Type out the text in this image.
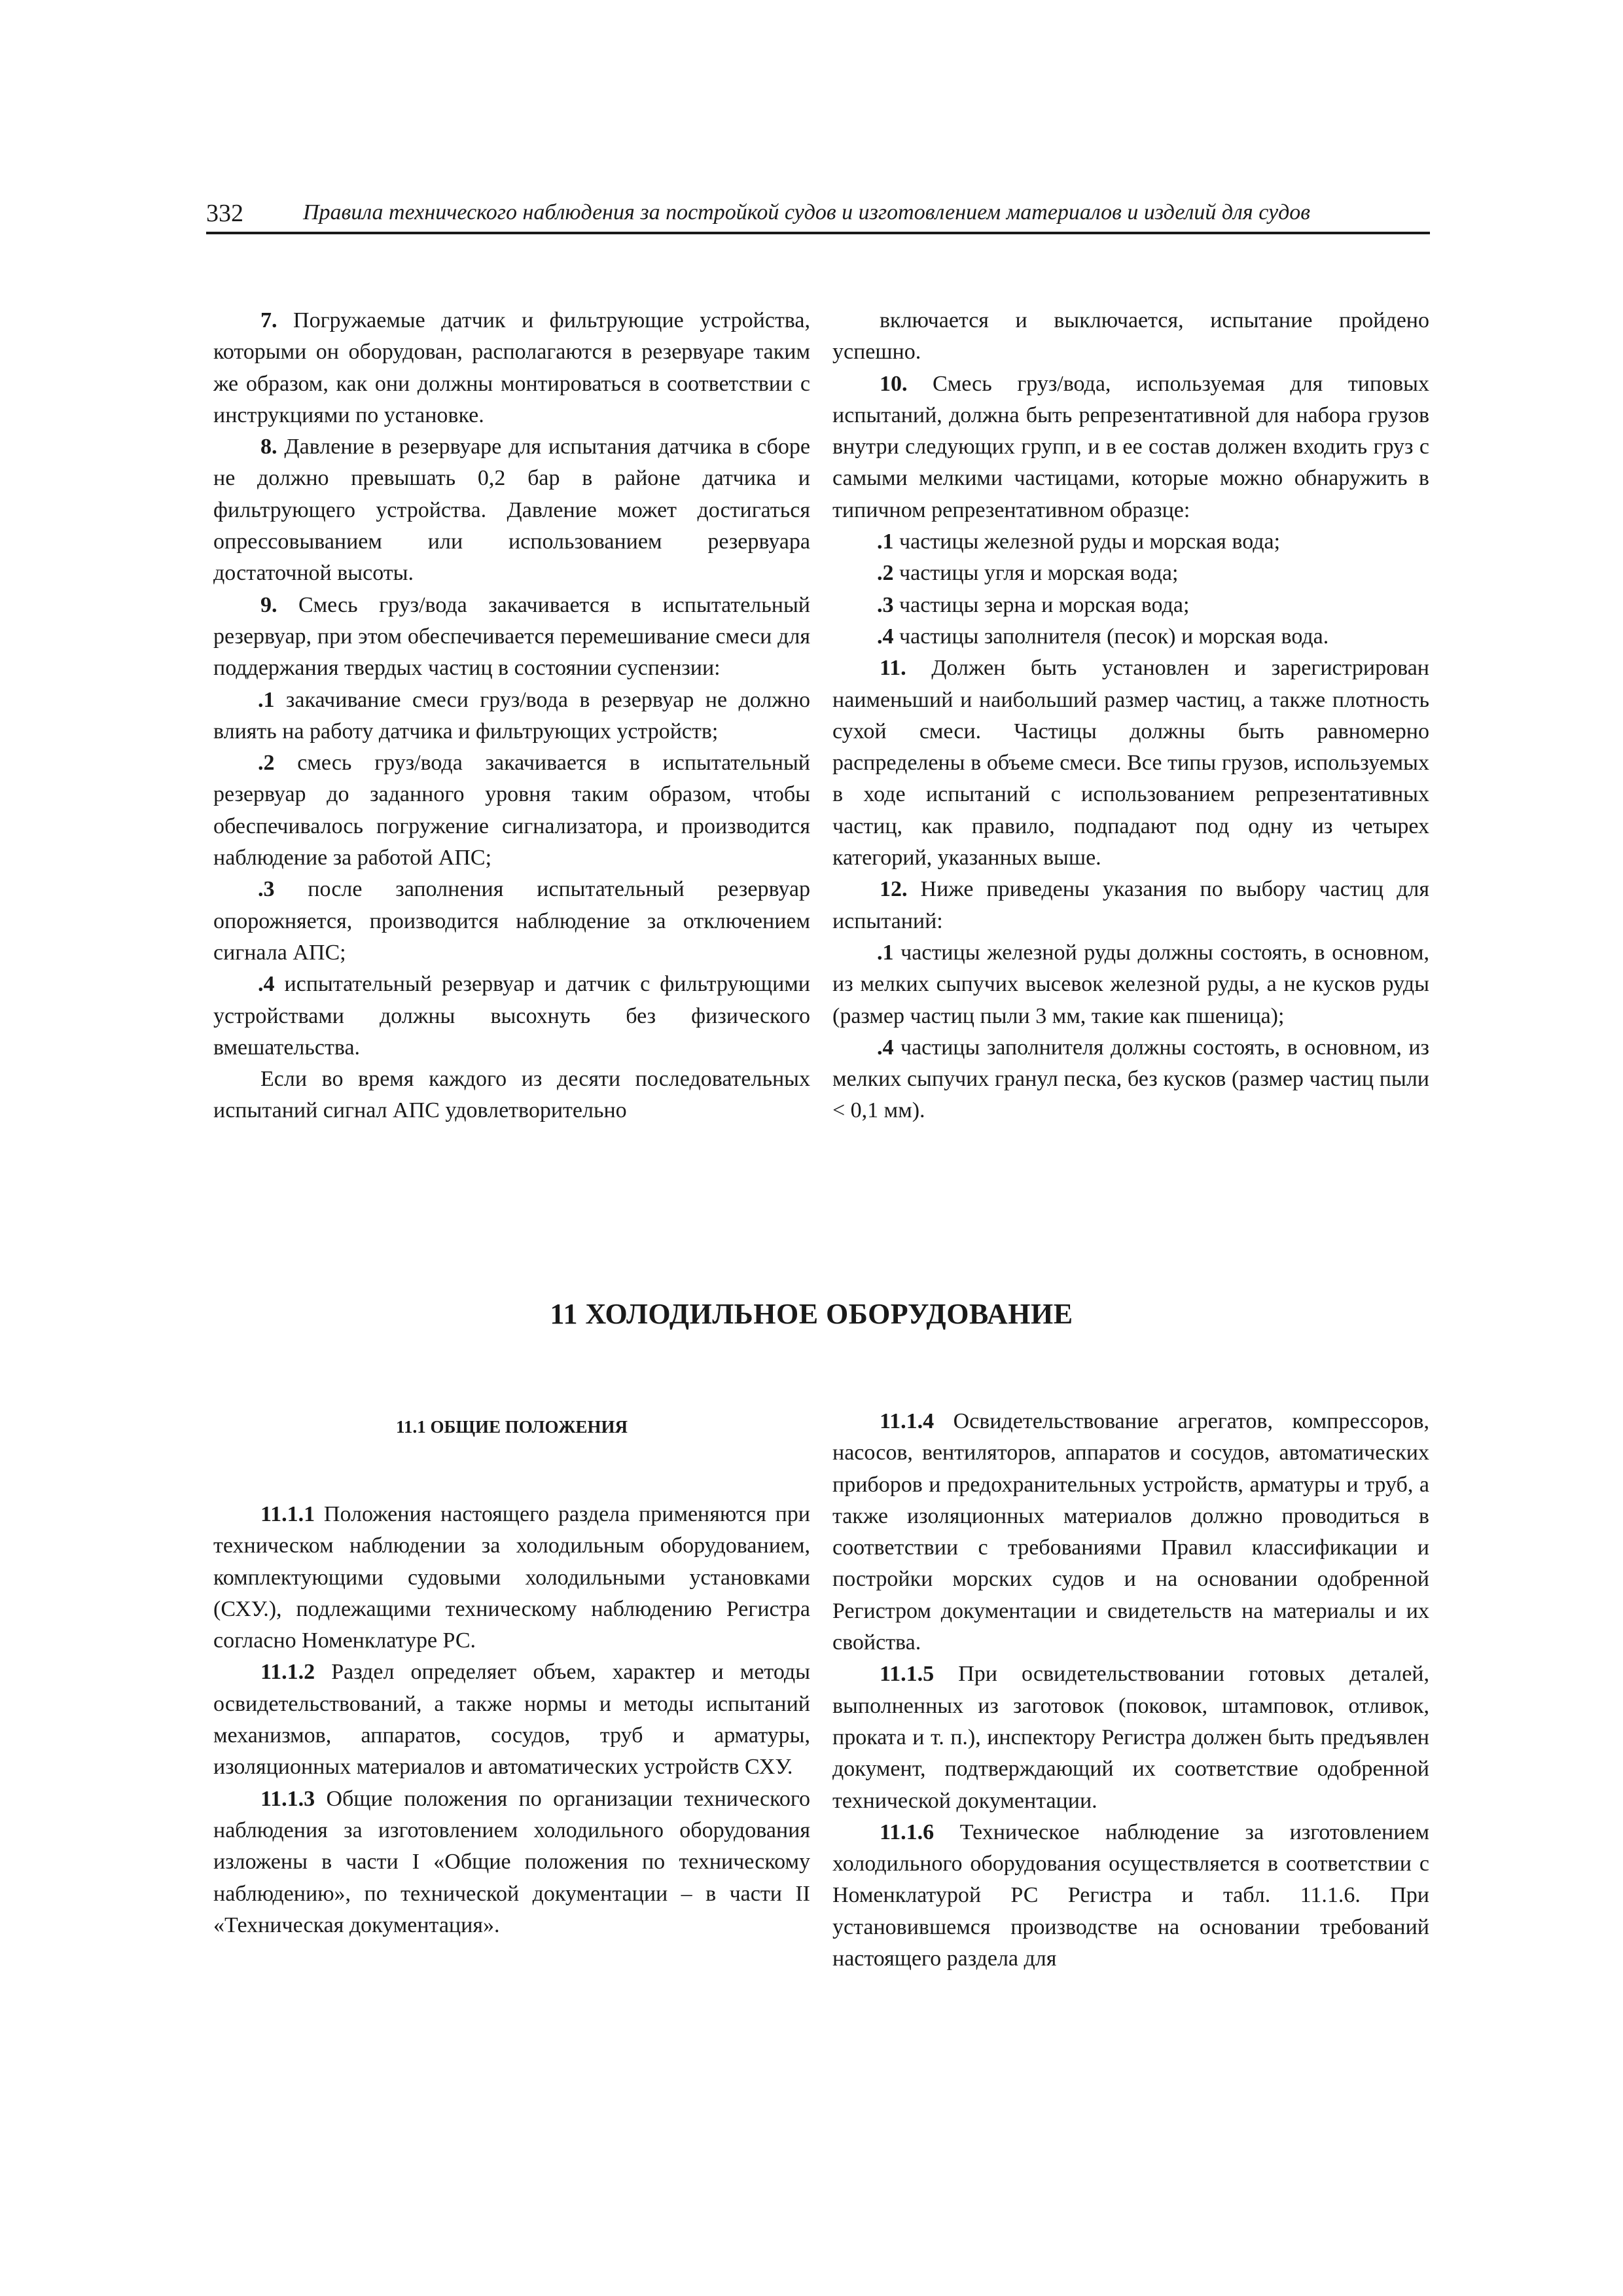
332	Правила технического наблюдения за постройкой судов и изготовлением материалов и изделий для судов

7. Погружаемые датчик и фильтрующие устройства, которыми он оборудован, располагаются в резервуаре таким же образом, как они должны монтироваться в соответствии с инструкциями по установке.

8. Давление в резервуаре для испытания датчика в сборе не должно превышать 0,2 бар в районе датчика и фильтрующего устройства. Давление может достигаться опрессовыванием или использованием резервуара достаточной высоты.

9. Смесь груз/вода закачивается в испытательный резервуар, при этом обеспечивается перемешивание смеси для поддержания твердых частиц в состоянии суспензии:

.1 закачивание смеси груз/вода в резервуар не должно влиять на работу датчика и фильтрующих устройств;

.2 смесь груз/вода закачивается в испытательный резервуар до заданного уровня таким образом, чтобы обеспечивалось погружение сигнализатора, и производится наблюдение за работой АПС;

.3 после заполнения испытательный резервуар опорожняется, производится наблюдение за отключением сигнала АПС;

.4 испытательный резервуар и датчик с фильтрующими устройствами должны высохнуть без физического вмешательства.

Если во время каждого из десяти последовательных испытаний сигнал АПС удовлетворительно

включается и выключается, испытание пройдено успешно.

10. Смесь груз/вода, используемая для типовых испытаний, должна быть репрезентативной для набора грузов внутри следующих групп, и в ее состав должен входить груз с самыми мелкими частицами, которые можно обнаружить в типичном репрезентативном образце:

.1 частицы железной руды и морская вода;

.2 частицы угля и морская вода;

.3 частицы зерна и морская вода;

.4 частицы заполнителя (песок) и морская вода.

11. Должен быть установлен и зарегистрирован наименьший и наибольший размер частиц, а также плотность сухой смеси. Частицы должны быть равномерно распределены в объеме смеси. Все типы грузов, используемых в ходе испытаний с использованием репрезентативных частиц, как правило, подпадают под одну из четырех категорий, указанных выше.

12. Ниже приведены указания по выбору частиц для испытаний:

.1 частицы железной руды должны состоять, в основном, из мелких сыпучих высевок железной руды, а не кусков руды (размер частиц пыли 3 мм, такие как пшеница);

.4 частицы заполнителя должны состоять, в основном, из мелких сыпучих гранул песка, без кусков (размер частиц пыли < 0,1 мм).

11 ХОЛОДИЛЬНОЕ ОБОРУДОВАНИЕ
11.1 ОБЩИЕ ПОЛОЖЕНИЯ

11.1.1 Положения настоящего раздела применяются при техническом наблюдении за холодильным оборудованием, комплектующими судовыми холодильными установками (СХУ.), подлежащими техническому наблюдению Регистра согласно Номенклатуре РС.

11.1.2 Раздел определяет объем, характер и методы освидетельствований, а также нормы и методы испытаний механизмов, аппаратов, сосудов, труб и арматуры, изоляционных материалов и автоматических устройств СХУ.

11.1.3 Общие положения по организации технического наблюдения за изготовлением холодильного оборудования изложены в части I «Общие положения по техническому наблюдению», по технической документации – в части II «Техническая документация».

11.1.4 Освидетельствование агрегатов, компрессоров, насосов, вентиляторов, аппаратов и сосудов, автоматических приборов и предохранительных устройств, арматуры и труб, а также изоляционных материалов должно проводиться в соответствии с требованиями Правил классификации и постройки морских судов и на основании одобренной Регистром документации и свидетельств на материалы и их свойства.

11.1.5 При освидетельствовании готовых деталей, выполненных из заготовок (поковок, штамповок, отливок, проката и т. п.), инспектору Регистра должен быть предъявлен документ, подтверждающий их соответствие одобренной технической документации.

11.1.6 Техническое наблюдение за изготовлением холодильного оборудования осуществляется в соответствии с Номенклатурой РС Регистра и табл. 11.1.6. При установившемся производстве на основании требований настоящего раздела для
